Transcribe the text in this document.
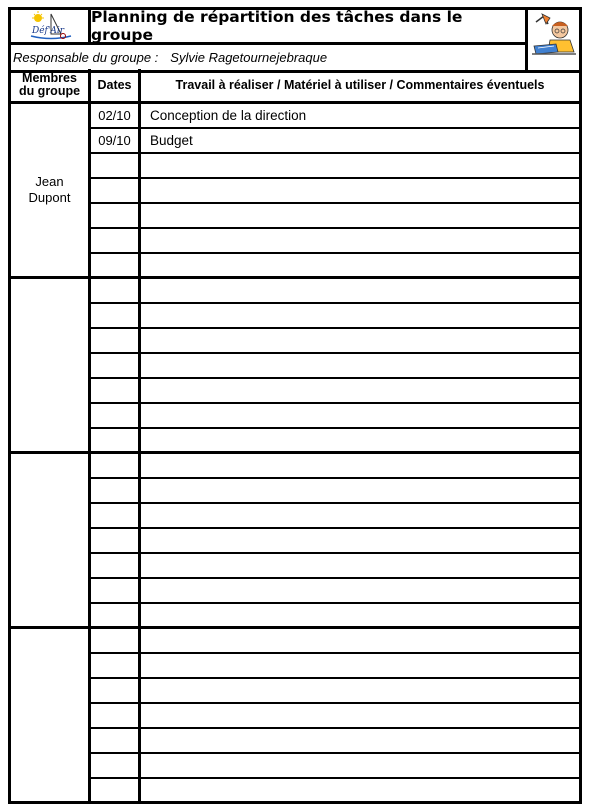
Déf'Air
Planning de répartition des tâches dans le groupe
Responsable du groupe : Sylvie Ragetournejebraque
Membres
du groupe	Dates	Travail à réaliser / Matériel à utiliser / Commentaires éventuels
Jean
Dupont
02/10	Conception de la direction
09/10	Budget
